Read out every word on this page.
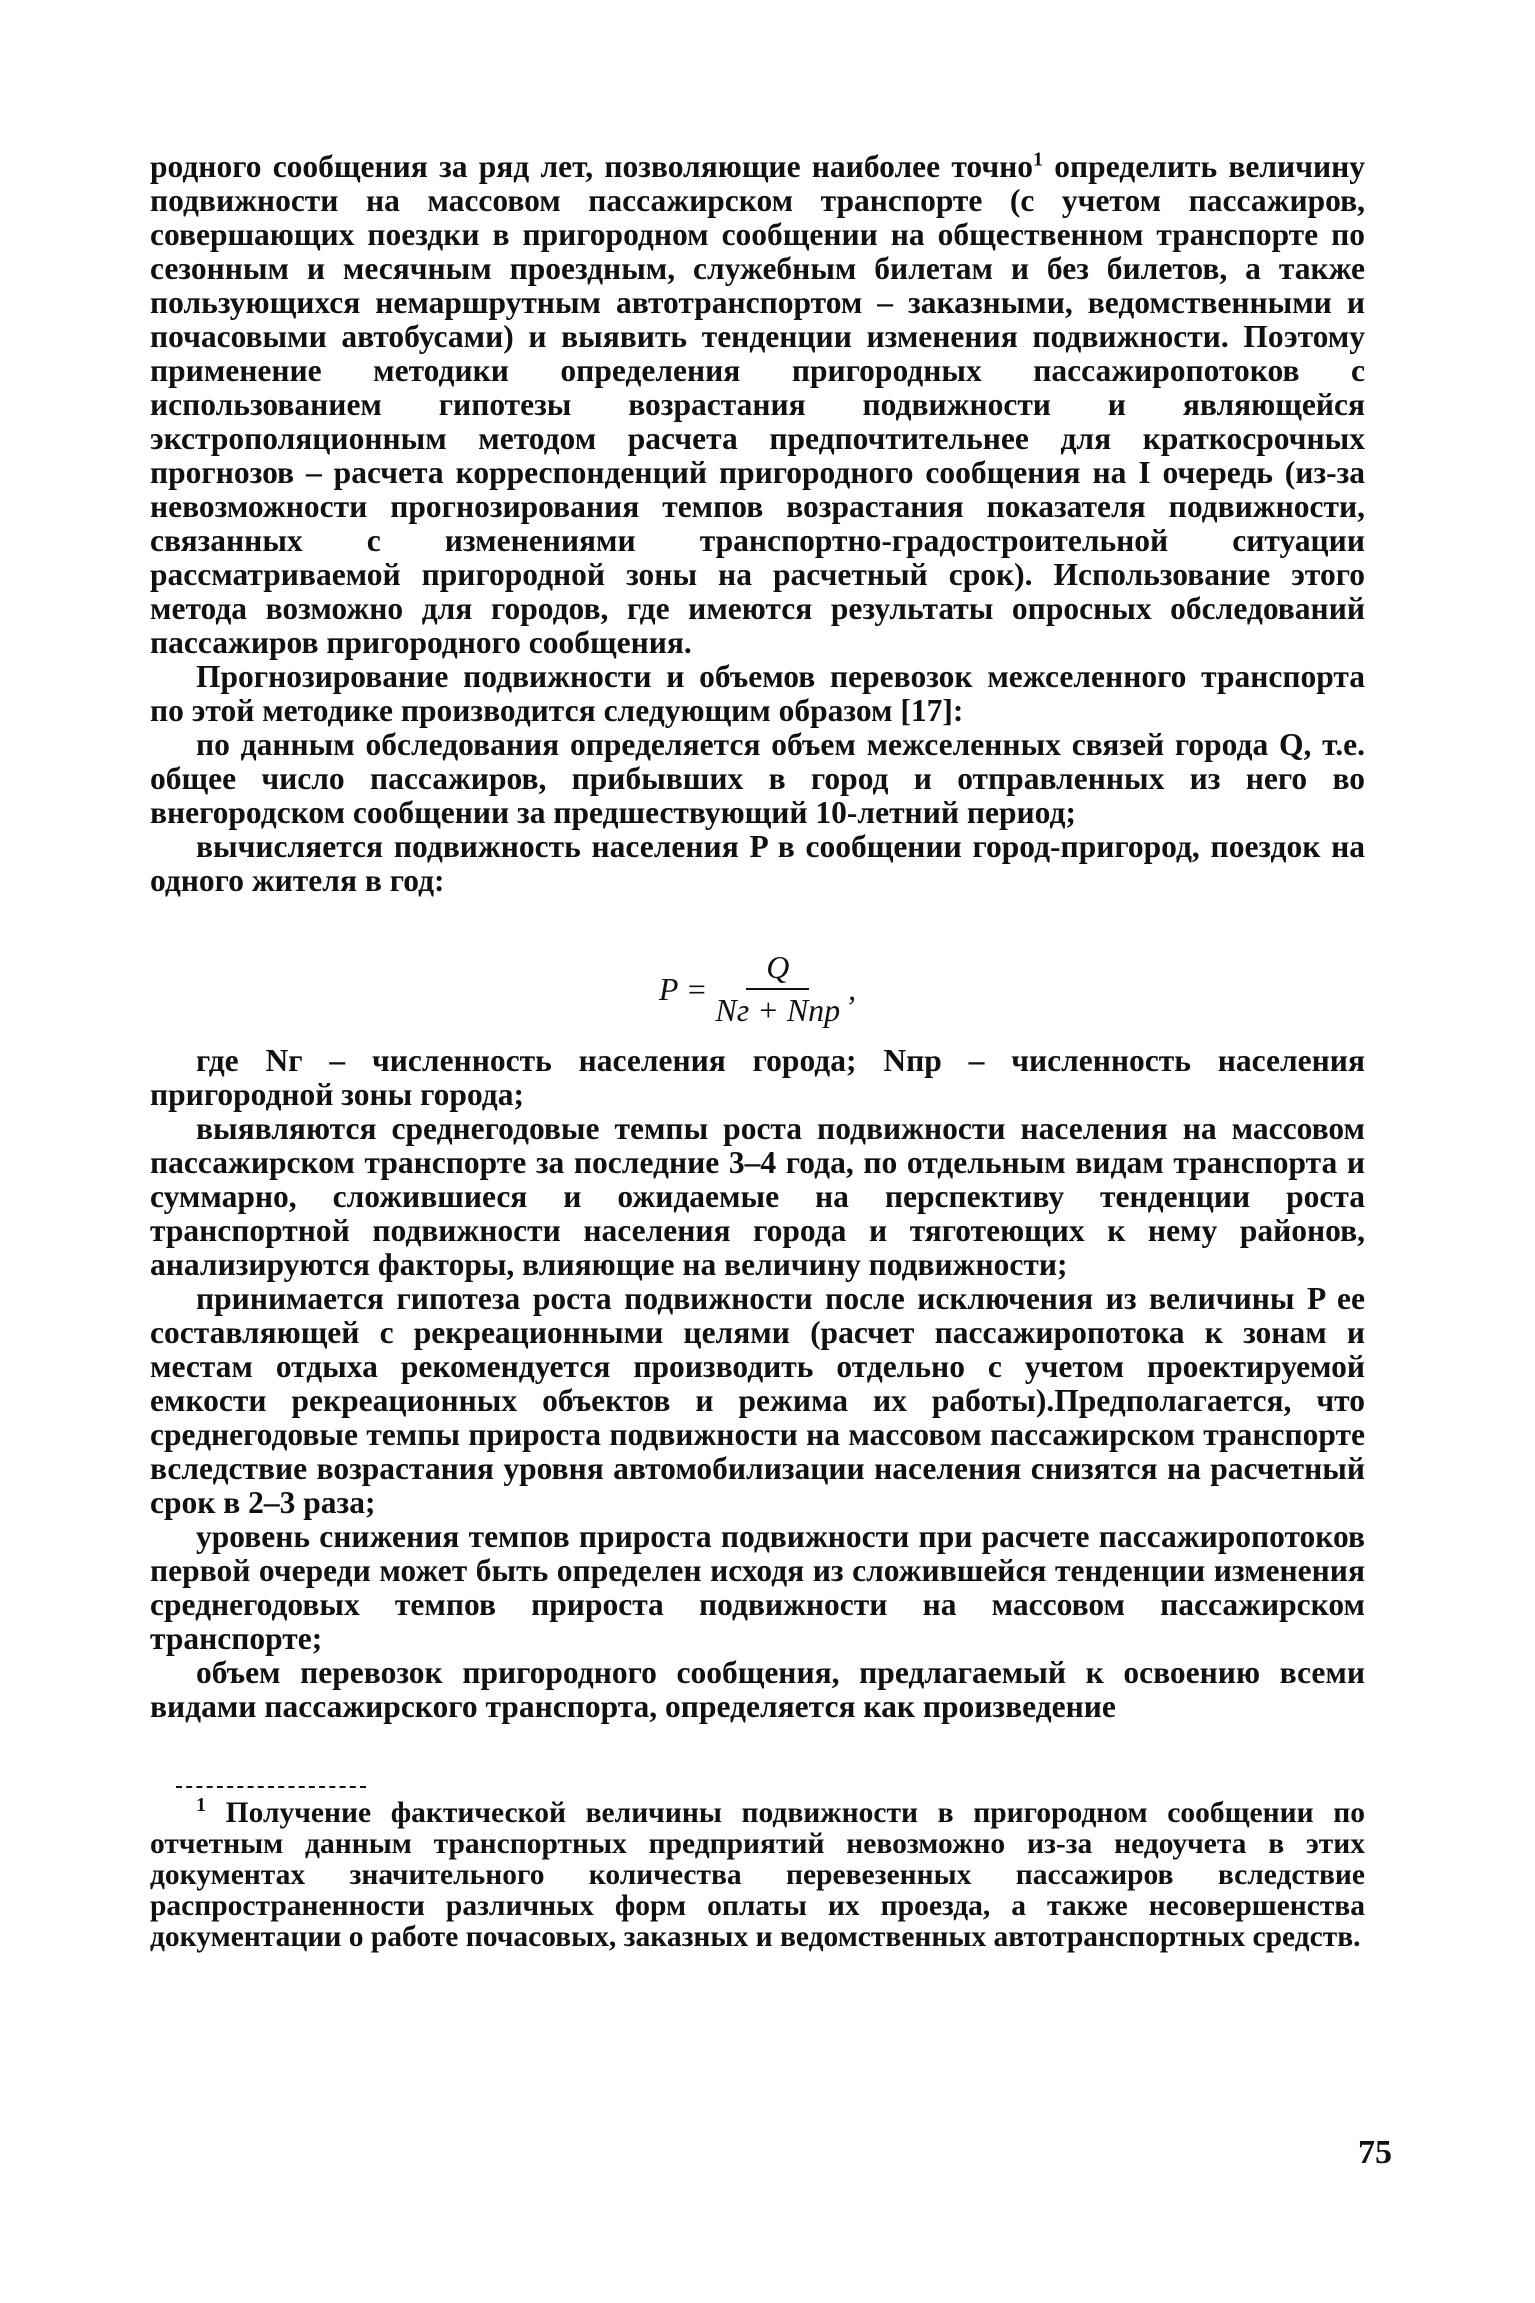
родного сообщения за ряд лет, позволяющие наиболее точно$^1$ определить величину подвижности на массовом пассажирском транспорте (с учетом пассажиров, совершающих поездки в пригородном сообщении на общественном транспорте по сезонным и месячным проездным, служебным билетам и без билетов, а также пользующихся немаршрутным автотранспортом – заказными, ведомственными и почасовыми автобусами) и выявить тенденции изменения подвижности. Поэтому применение методики определения пригородных пассажиропотоков с использованием гипотезы возрастания подвижности и являющейся экстрополяционным методом расчета предпочтительнее для краткосрочных прогнозов – расчета корреспонденций пригородного сообщения на I очередь (из-за невозможности прогнозирования темпов возрастания показателя подвижности, связанных с изменениями транспортно-градостроительной ситуации рассматриваемой пригородной зоны на расчетный срок). Использование этого метода возможно для городов, где имеются результаты опросных обследований пассажиров пригородного сообщения.

Прогнозирование подвижности и объемов перевозок межселенного транспорта по этой методике производится следующим образом [17]:

по данным обследования определяется объем межселенных связей города Q, т.е. общее число пассажиров, прибывших в город и отправленных из него во внегородском сообщении за предшествующий 10-летний период;

вычисляется подвижность населения P в сообщении город-пригород, поездок на одного жителя в год:

$P = \frac{Q}{\text{Nг + Nпр}}$ ,

где Nг – численность населения города; Nпр – численность населения пригородной зоны города;

выявляются среднегодовые темпы роста подвижности населения на массовом пассажирском транспорте за последние 3–4 года, по отдельным видам транспорта и суммарно, сложившиеся и ожидаемые на перспективу тенденции роста транспортной подвижности населения города и тяготеющих к нему районов, анализируются факторы, влияющие на величину подвижности;

принимается гипотеза роста подвижности после исключения из величины P ее составляющей с рекреационными целями (расчет пассажиропотока к зонам и местам отдыха рекомендуется производить отдельно с учетом проектируемой емкости рекреационных объектов и режима их работы).Предполагается, что среднегодовые темпы прироста подвижности на массовом пассажирском транспорте вследствие возрастания уровня автомобилизации населения снизятся на расчетный срок в 2–3 раза;

уровень снижения темпов прироста подвижности при расчете пассажиропотоков первой очереди может быть определен исходя из сложившейся тенденции изменения среднегодовых темпов прироста подвижности на массовом пассажирском транспорте;

объем перевозок пригородного сообщения, предлагаемый к освоению всеми видами пассажирского транспорта, определяется как произведение

$^1$ Получение фактической величины подвижности в пригородном сообщении по отчетным данным транспортных предприятий невозможно из-за недоучета в этих документах значительного количества перевезенных пассажиров вследствие распространенности различных форм оплаты их проезда, а также несовершенства документации о работе почасовых, заказных и ведомственных автотранспортных средств.

75
